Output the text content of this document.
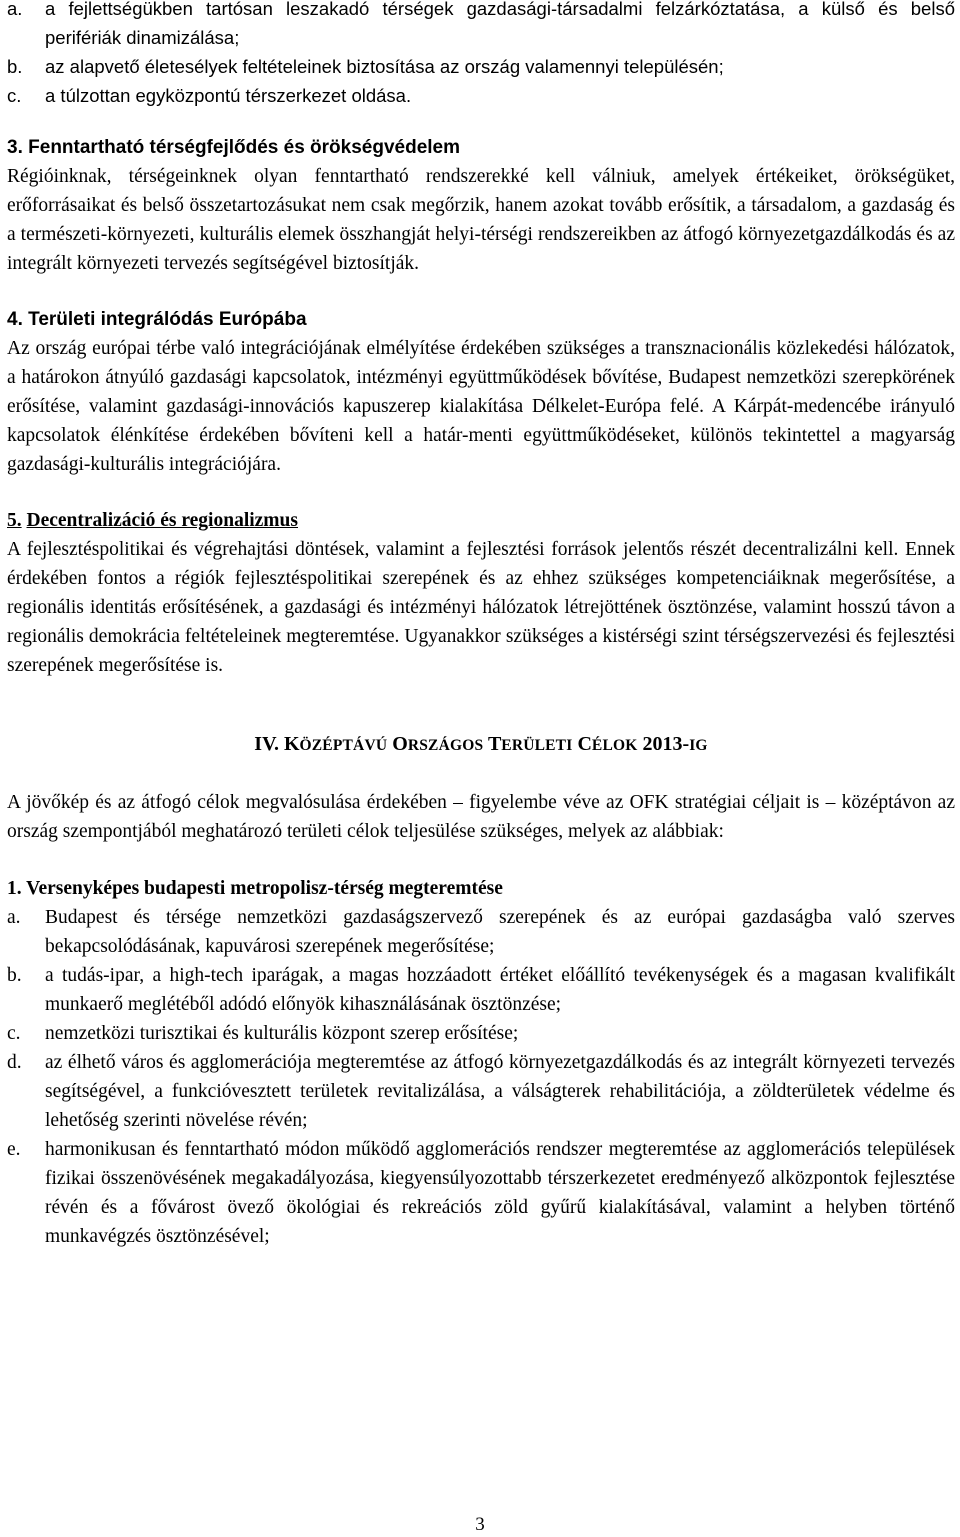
a.	a fejlettségükben tartósan leszakadó térségek gazdasági-társadalmi felzárkóztatása, a külső és belső perifériák dinamizálása;
b.	az alapvető életesélyek feltételeinek biztosítása az ország valamennyi településén;
c.	a túlzottan egyközpontú térszerkezet oldása.

3. Fenntartható térségfejlődés és örökségvédelem

Régióinknak, térségeinknek olyan fenntartható rendszerekké kell válniuk, amelyek értékeiket, örökségüket, erőforrásaikat és belső összetartozásukat nem csak megőrzik, hanem azokat tovább erősítik, a társadalom, a gazdaság és a természeti-környezeti, kulturális elemek összhangját helyi-térségi rendszereikben az átfogó környezetgazdálkodás és az integrált környezeti tervezés segítségével biztosítják.

4. Területi integrálódás Európába

Az ország európai térbe való integrációjának elmélyítése érdekében szükséges a transznacionális közlekedési hálózatok, a határokon átnyúló gazdasági kapcsolatok, intézményi együttműködések bővítése, Budapest nemzetközi szerepkörének erősítése, valamint gazdasági-innovációs kapuszerep kialakítása Délkelet-Európa felé. A Kárpát-medencébe irányuló kapcsolatok élénkítése érdekében bővíteni kell a határ-menti együttműködéseket, különös tekintettel a magyarság gazdasági-kulturális integrációjára.

5. Decentralizáció és regionalizmus

A fejlesztéspolitikai és végrehajtási döntések, valamint a fejlesztési források jelentős részét decentralizálni kell. Ennek érdekében fontos a régiók fejlesztéspolitikai szerepének és az ehhez szükséges kompetenciáiknak megerősítése, a regionális identitás erősítésének, a gazdasági és intézményi hálózatok létrejöttének ösztönzése, valamint hosszú távon a regionális demokrácia feltételeinek megteremtése. Ugyanakkor szükséges a kistérségi szint térségszervezési és fejlesztési szerepének megerősítése is.

IV. KÖZÉPTÁVÚ ORSZÁGOS TERÜLETI CÉLOK 2013-IG

A jövőkép és az átfogó célok megvalósulása érdekében – figyelembe véve az OFK stratégiai céljait is – középtávon az ország szempontjából meghatározó területi célok teljesülése szükséges, melyek az alábbiak:

1. Versenyképes budapesti metropolisz-térség megteremtése

a.	Budapest és térsége nemzetközi gazdaságszervező szerepének és az európai gazdaságba való szerves bekapcsolódásának, kapuvárosi szerepének megerősítése;
b.	a tudás-ipar, a high-tech iparágak, a magas hozzáadott értéket előállító tevékenységek és a magasan kvalifikált munkaerő meglétéből adódó előnyök kihasználásának ösztönzése;
c.	nemzetközi turisztikai és kulturális központ szerep erősítése;
d.	az élhető város és agglomerációja megteremtése az átfogó környezetgazdálkodás és az integrált környezeti tervezés segítségével, a funkcióvesztett területek revitalizálása, a válságterek rehabilitációja, a zöldterületek védelme és lehetőség szerinti növelése révén;
e.	harmonikusan és fenntartható módon működő agglomerációs rendszer megteremtése az agglomerációs települések fizikai összenövésének megakadályozása, kiegyensúlyozottabb térszerkezetet eredményező alközpontok fejlesztése révén és a fővárost övező ökológiai és rekreációs zöld gyűrű kialakításával, valamint a helyben történő munkavégzés ösztönzésével;
3
